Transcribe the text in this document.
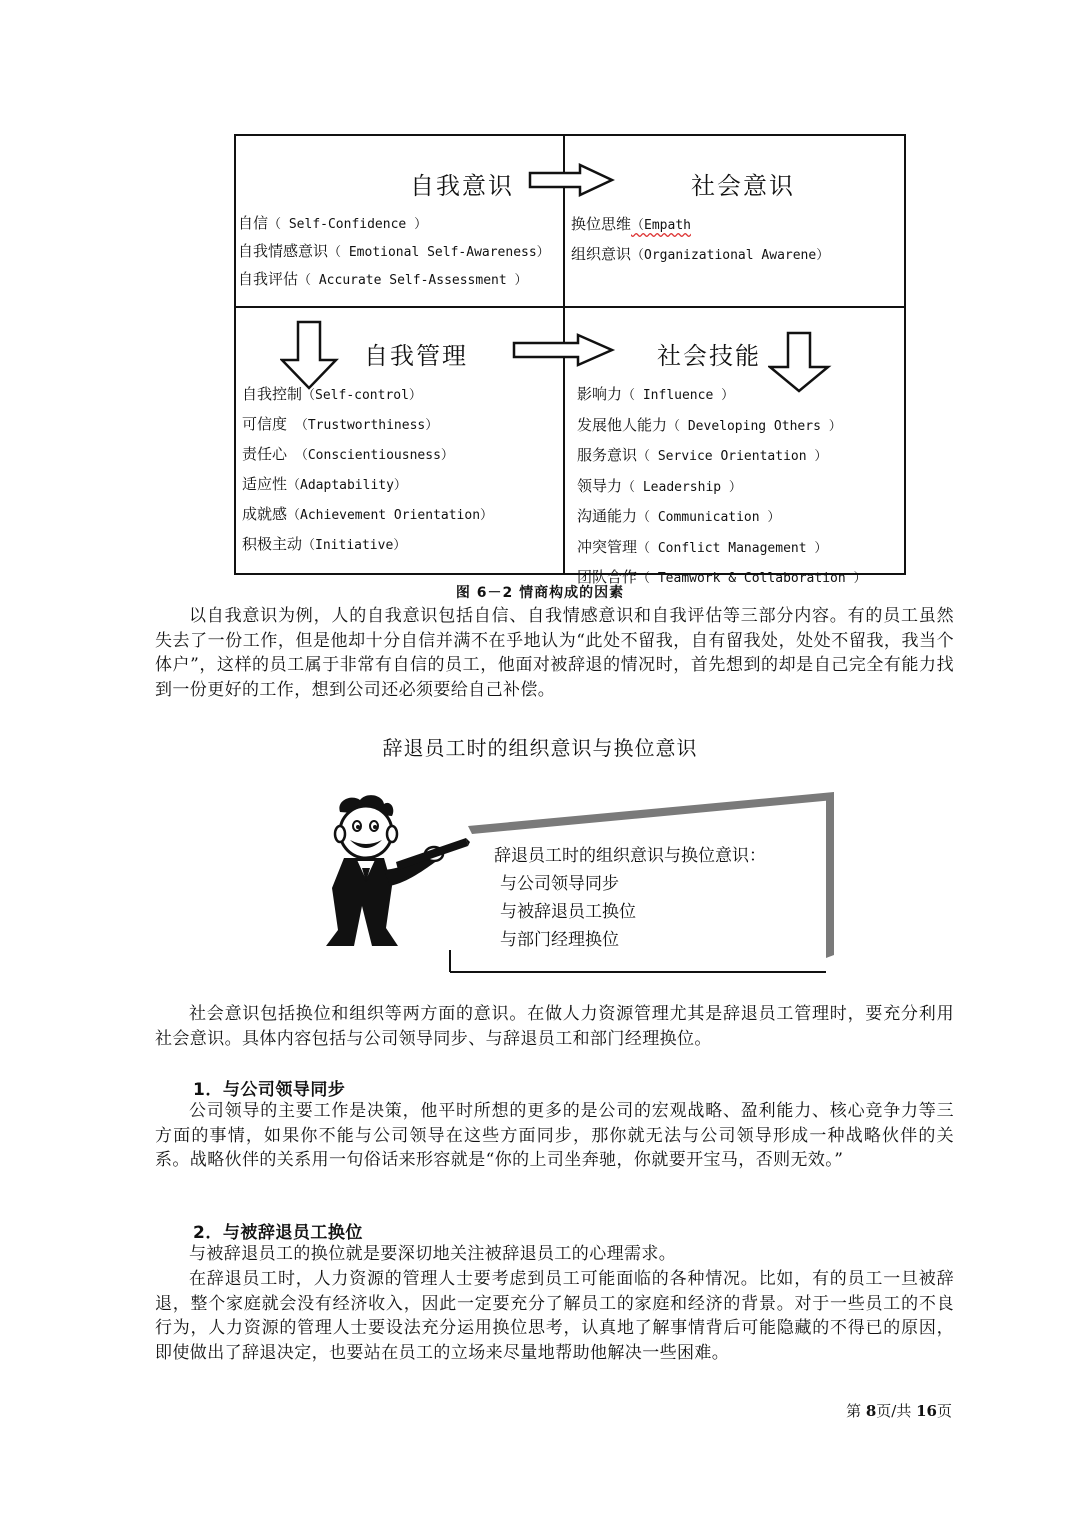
自我意识
自信（ Self-Confidence ）
自我情感意识（ Emotional Self-Awareness）
自我评估（ Accurate Self-Assessment ）
社会意识
换位思维（Empath
组织意识（Organizational Awarene）
自我管理
自我控制（Self-control）
可信度 （Trustworthiness）
责任心 （Conscientiousness）
适应性（Adaptability）
成就感（Achievement Orientation）
积极主动（Initiative）
社会技能
影响力（ Influence ）
发展他人能力（ Developing Others ）
服务意识（ Service Orientation ）
领导力（ Leadership ）
沟通能力（ Communication ）
冲突管理（ Conflict Management ）
团队合作（ Teamwork & Collaboration ）
图 6－2 情商构成的因素

以自我意识为例，人的自我意识包括自信、自我情感意识和自我评估等三部分内容。有的员工虽然失去了一份工作，但是他却十分自信并满不在乎地认为“此处不留我，自有留我处，处处不留我，我当个体户”，这样的员工属于非常有自信的员工，他面对被辞退的情况时，首先想到的却是自己完全有能力找到一份更好的工作，想到公司还必须要给自己补偿。

辞退员工时的组织意识与换位意识
辞退员工时的组织意识与换位意识：
与公司领导同步
与被辞退员工换位
与部门经理换位

社会意识包括换位和组织等两方面的意识。在做人力资源管理尤其是辞退员工管理时，要充分利用社会意识。具体内容包括与公司领导同步、与辞退员工和部门经理换位。

1．与公司领导同步

公司领导的主要工作是决策，他平时所想的更多的是公司的宏观战略、盈利能力、核心竞争力等三方面的事情，如果你不能与公司领导在这些方面同步，那你就无法与公司领导形成一种战略伙伴的关系。战略伙伴的关系用一句俗话来形容就是“你的上司坐奔驰，你就要开宝马，否则无效。”

2．与被辞退员工换位

与被辞退员工的换位就是要深切地关注被辞退员工的心理需求。

在辞退员工时，人力资源的管理人士要考虑到员工可能面临的各种情况。比如，有的员工一旦被辞退，整个家庭就会没有经济收入，因此一定要充分了解员工的家庭和经济的背景。对于一些员工的不良行为，人力资源的管理人士要设法充分运用换位思考，认真地了解事情背后可能隐藏的不得已的原因，即使做出了辞退决定，也要站在员工的立场来尽量地帮助他解决一些困难。

第 8页/共 16页
